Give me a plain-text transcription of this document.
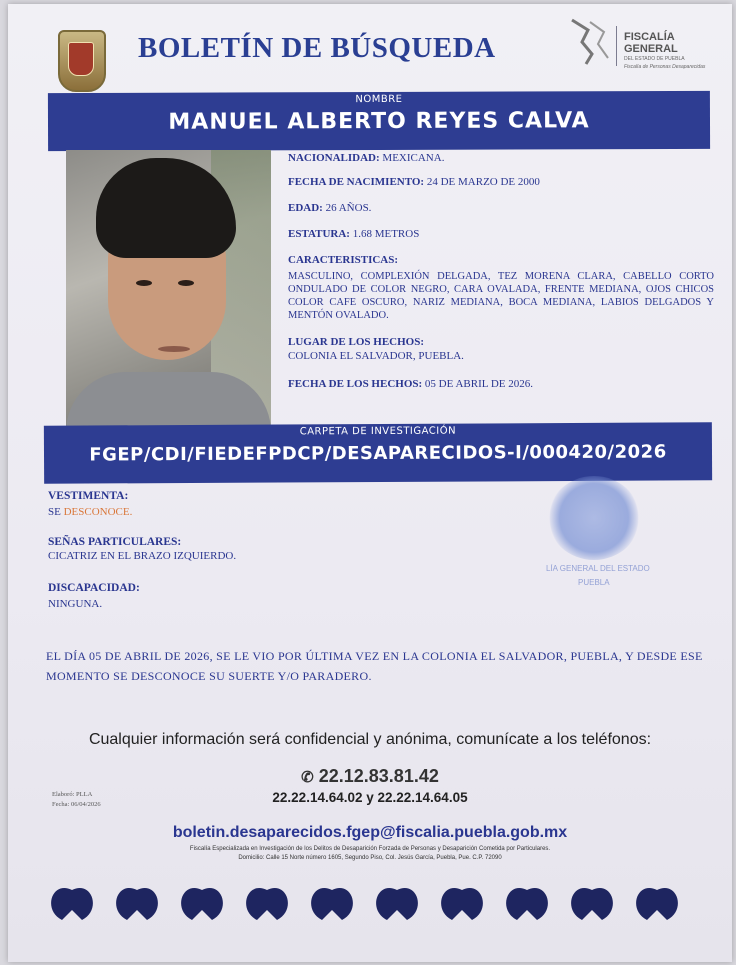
BOLETÍN DE BÚSQUEDA	FISCALÍA
GENERAL
DEL ESTADO DE PUEBLA
Fiscalía de Personas Desaparecidas
NOMBRE
MANUEL ALBERTO REYES CALVA
NACIONALIDAD: MEXICANA.
FECHA DE NACIMIENTO: 24 DE MARZO DE 2000
EDAD: 26 AÑOS.
ESTATURA: 1.68 METROS
CARACTERISTICAS:
MASCULINO, COMPLEXIÓN DELGADA, TEZ MORENA CLARA, CABELLO CORTO ONDULADO DE COLOR NEGRO, CARA OVALADA, FRENTE MEDIANA, OJOS CHICOS COLOR CAFE OSCURO, NARIZ MEDIANA, BOCA MEDIANA, LABIOS DELGADOS Y MENTÓN OVALADO.
LUGAR DE LOS HECHOS:
COLONIA EL SALVADOR, PUEBLA.
FECHA DE LOS HECHOS: 05 DE ABRIL DE 2026.
CARPETA DE INVESTIGACIÓN
FGEP/CDI/FIEDEFPDCP/DESAPARECIDOS-I/000420/2026
VESTIMENTA:
SE DESCONOCE.
SEÑAS PARTICULARES:
CICATRIZ EN EL BRAZO IZQUIERDO.
DISCAPACIDAD:
NINGUNA.
LÍA GENERAL DEL ESTADO
PUEBLA
EL DÍA 05 DE ABRIL DE 2026, SE LE VIO POR ÚLTIMA VEZ EN LA COLONIA EL SALVADOR, PUEBLA, Y DESDE ESE MOMENTO SE DESCONOCE SU SUERTE Y/O PARADERO.
Cualquier información será confidencial y anónima, comunícate a los teléfonos:
✆ 22.12.83.81.42
22.22.14.64.02 y 22.22.14.64.05
Elaboró: PLLA
Fecha: 06/04/2026
boletin.desaparecidos.fgep@fiscalia.puebla.gob.mx
Fiscalía Especializada en Investigación de los Delitos de Desaparición Forzada de Personas y Desaparición Cometida por Particulares.
Domicilio: Calle 15 Norte número 1605, Segundo Piso, Col. Jesús García, Puebla, Pue. C.P. 72090
